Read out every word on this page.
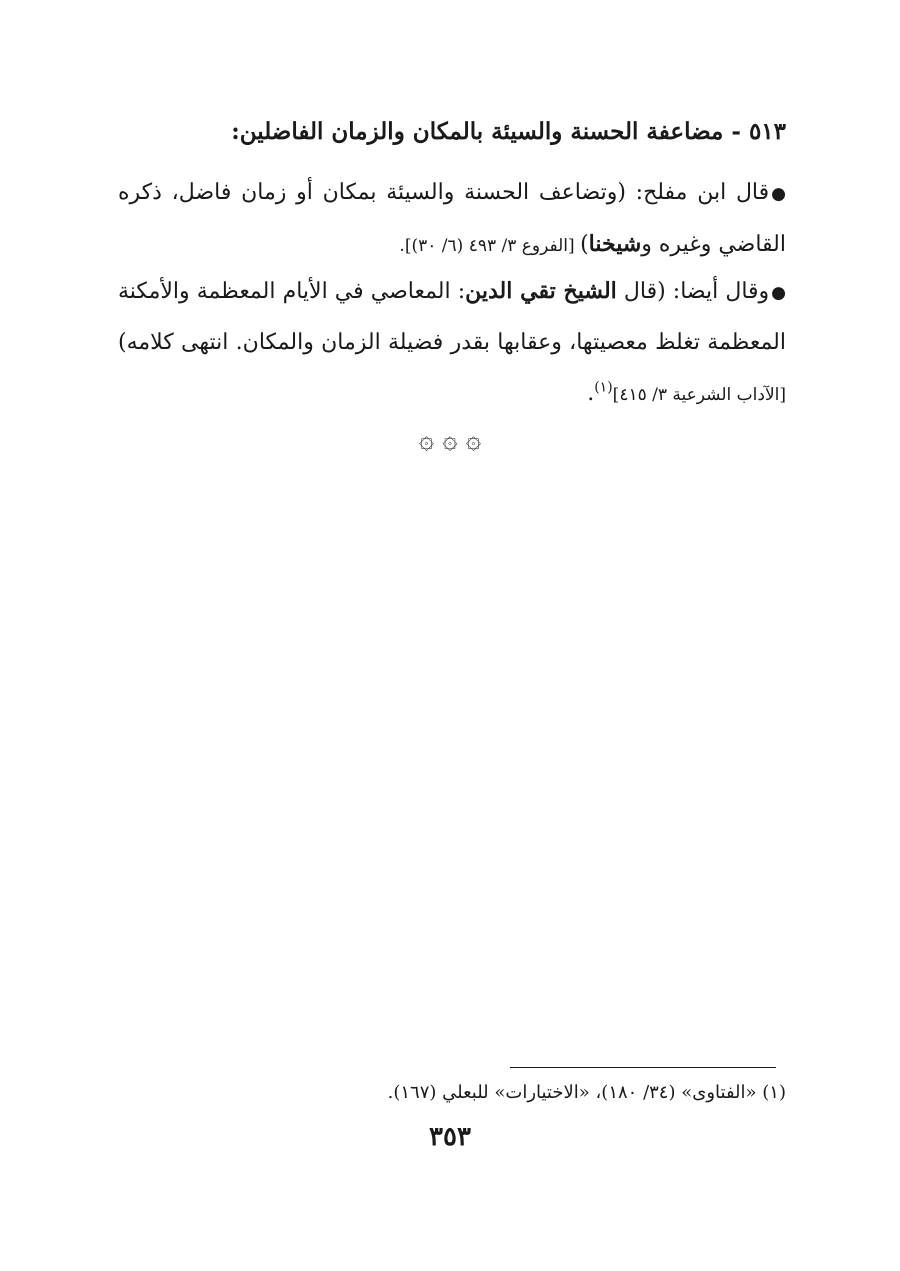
٥١٣ - مضاعفة الحسنة والسيئة بالمكان والزمان الفاضلين:
●قال ابن مفلح: (وتضاعف الحسنة والسيئة بمكان أو زمان فاضل، ذكره القاضي وغيره وشيخنا) [الفروع ٣/ ٤٩٣ (٦/ ٣٠)].
●وقال أيضا: (قال الشيخ تقي الدين: المعاصي في الأيام المعظمة والأمكنة المعظمة تغلظ معصيتها، وعقابها بقدر فضيلة الزمان والمكان. انتهى كلامه) [الآداب الشرعية ٣/ ٤١٥]$^{(١)}$.
۞ ۞ ۞
(١) «الفتاوى» (٣٤/ ١٨٠)، «الاختيارات» للبعلي (١٦٧).
٣٥٣
